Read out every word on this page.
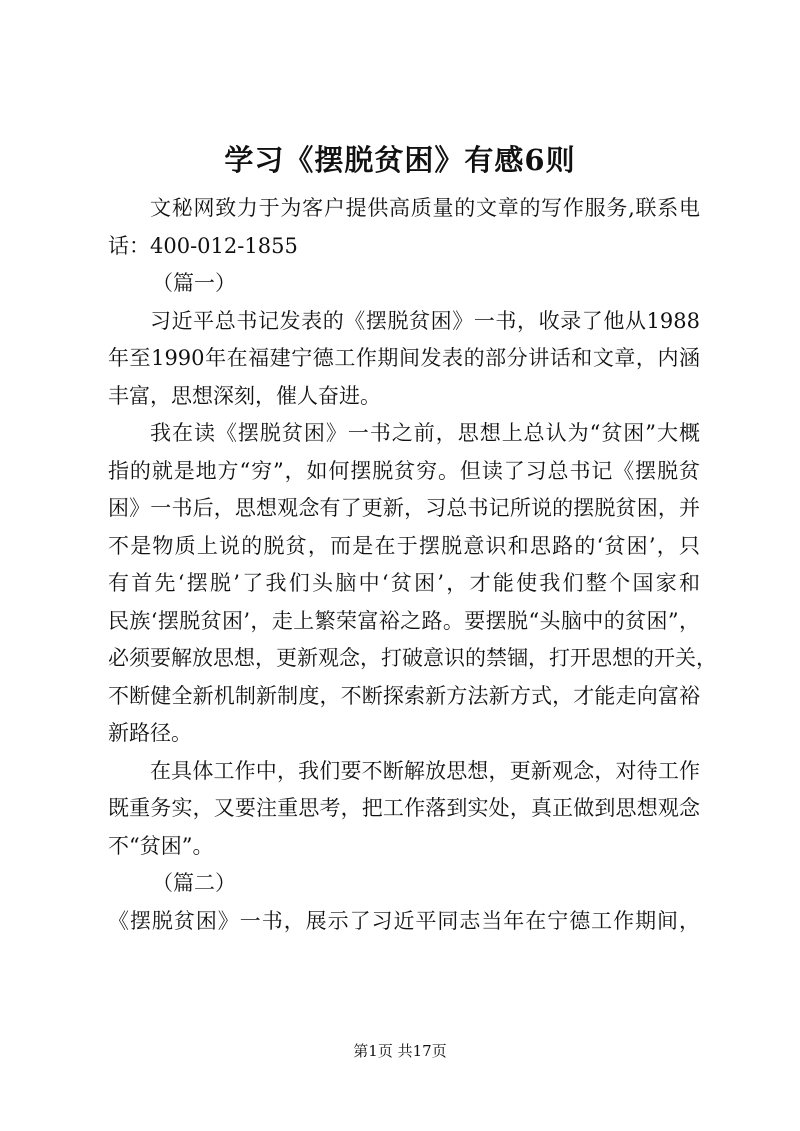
学习《摆脱贫困》有感6则
文秘网致力于为客户提供高质量的文章的写作服务,联系电
话：400-012-1855
（篇一）
习近平总书记发表的《摆脱贫困》一书，收录了他从1988
年至1990年在福建宁德工作期间发表的部分讲话和文章，内涵
丰富，思想深刻，催人奋进。
我在读《摆脱贫困》一书之前，思想上总认为“贫困”大概
指的就是地方“穷”，如何摆脱贫穷。但读了习总书记《摆脱贫
困》一书后，思想观念有了更新，习总书记所说的摆脱贫困，并
不是物质上说的脱贫，而是在于摆脱意识和思路的‘贫困’，只
有首先‘摆脱’了我们头脑中‘贫困’，才能使我们整个国家和
民族‘摆脱贫困’，走上繁荣富裕之路。要摆脱“头脑中的贫困”，
必须要解放思想，更新观念，打破意识的禁锢，打开思想的开关，
不断健全新机制新制度，不断探索新方法新方式，才能走向富裕
新路径。
在具体工作中，我们要不断解放思想，更新观念，对待工作
既重务实，又要注重思考，把工作落到实处，真正做到思想观念
不“贫困”。
（篇二）
《摆脱贫困》一书，展示了习近平同志当年在宁德工作期间，
第1页 共17页
